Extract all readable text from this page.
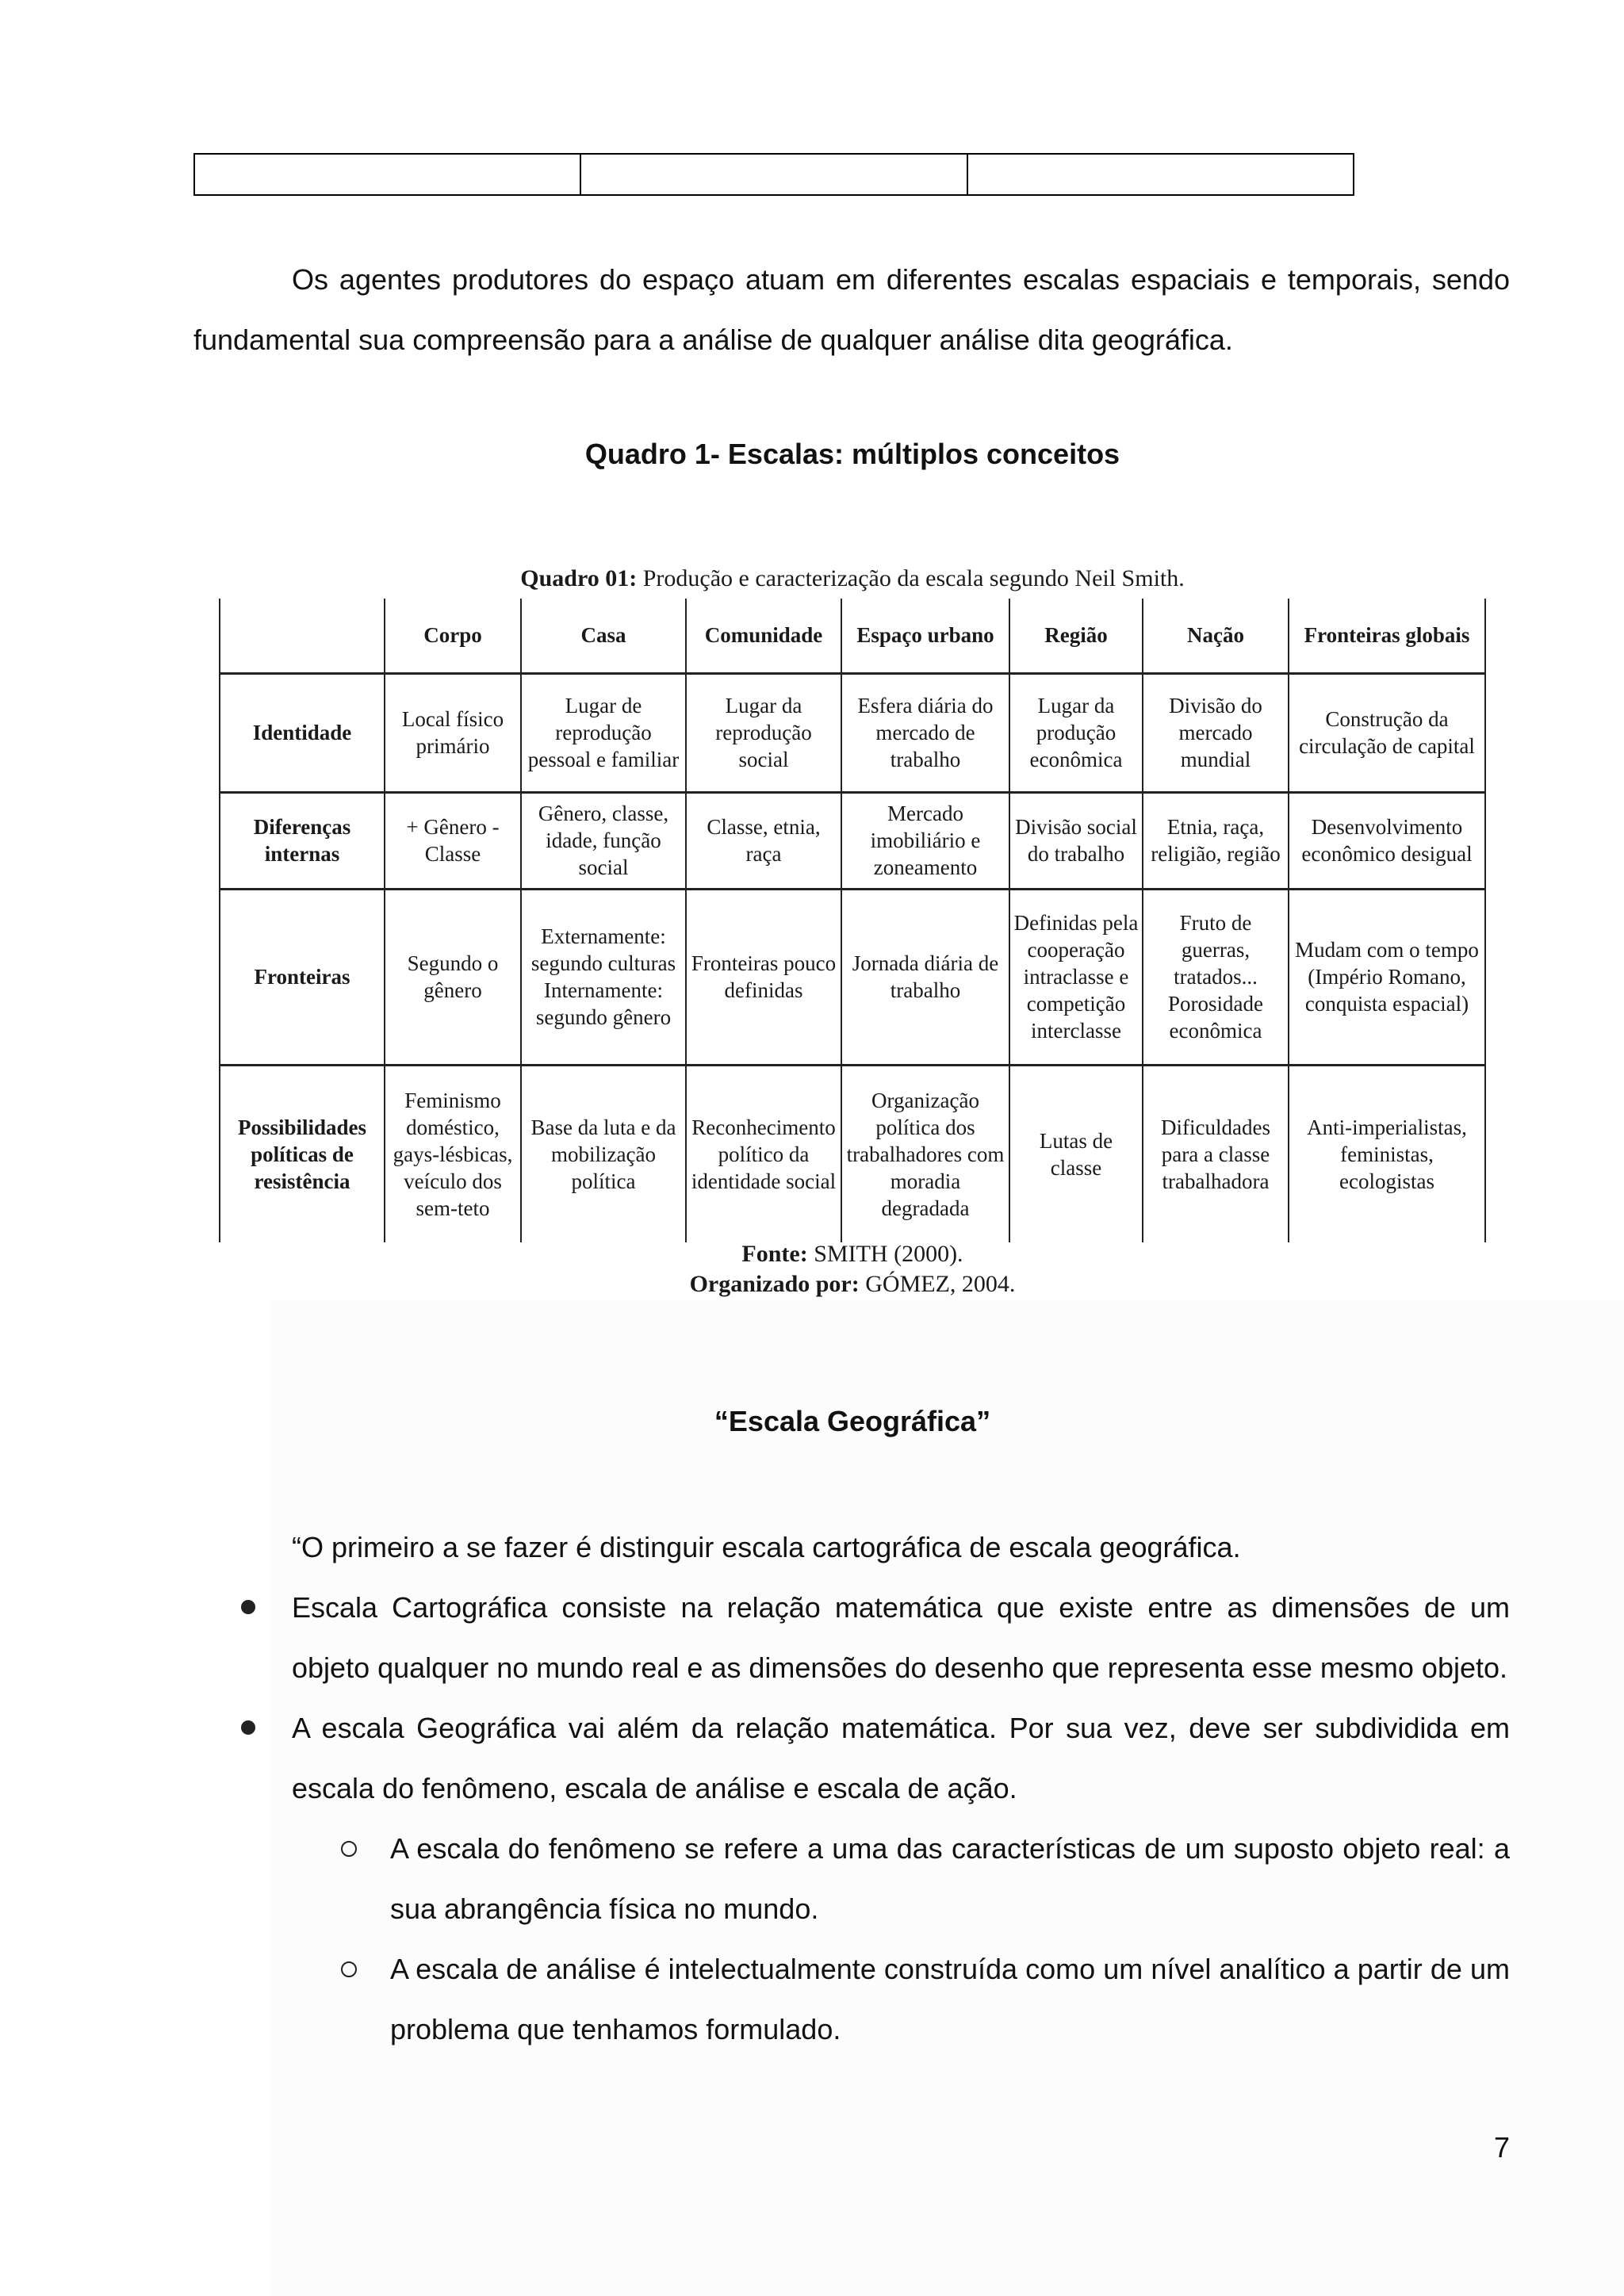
Os agentes produtores do espaço atuam em diferentes escalas espaciais e temporais, sendo fundamental sua compreensão para a análise de qualquer análise dita geográfica.

Quadro 1- Escalas: múltiplos conceitos

Quadro 01: Produção e caracterização da escala segundo Neil Smith.
	Corpo	Casa	Comunidade	Espaço urbano	Região	Nação	Fronteiras globais
Identidade	Local físico primário	Lugar de reprodução pessoal e familiar	Lugar da reprodução social	Esfera diária do mercado de trabalho	Lugar da produção econômica	Divisão do mercado mundial	Construção da circulação de capital
Diferenças internas	+ Gênero - Classe	Gênero, classe, idade, função social	Classe, etnia, raça	Mercado imobiliário e zoneamento	Divisão social do trabalho	Etnia, raça, religião, região	Desenvolvimento econômico desigual
Fronteiras	Segundo o gênero	Externamente: segundo culturas Internamente: segundo gênero	Fronteiras pouco definidas	Jornada diária de trabalho	Definidas pela cooperação intraclasse e competição interclasse	Fruto de guerras, tratados... Porosidade econômica	Mudam com o tempo (Império Romano, conquista espacial)
Possibilidades políticas de resistência	Feminismo doméstico, gays-lésbicas, veículo dos sem-teto	Base da luta e da mobilização política	Reconhecimento político da identidade social	Organização política dos trabalhadores com moradia degradada	Lutas de classe	Dificuldades para a classe trabalhadora	Anti-imperialistas, feministas, ecologistas
Fonte: SMITH (2000).
Organizado por: GÓMEZ, 2004.

“Escala Geográfica”

“O primeiro a se fazer é distinguir escala cartográfica de escala geográfica.

Escala Cartográfica consiste na relação matemática que existe entre as dimensões de um objeto qualquer no mundo real e as dimensões do desenho que representa esse mesmo objeto.
A escala Geográfica vai além da relação matemática. Por sua vez, deve ser subdividida em escala do fenômeno, escala de análise e escala de ação.
A escala do fenômeno se refere a uma das características de um suposto objeto real: a sua abrangência física no mundo.
A escala de análise é intelectualmente construída como um nível analítico a partir de um problema que tenhamos formulado.
7
